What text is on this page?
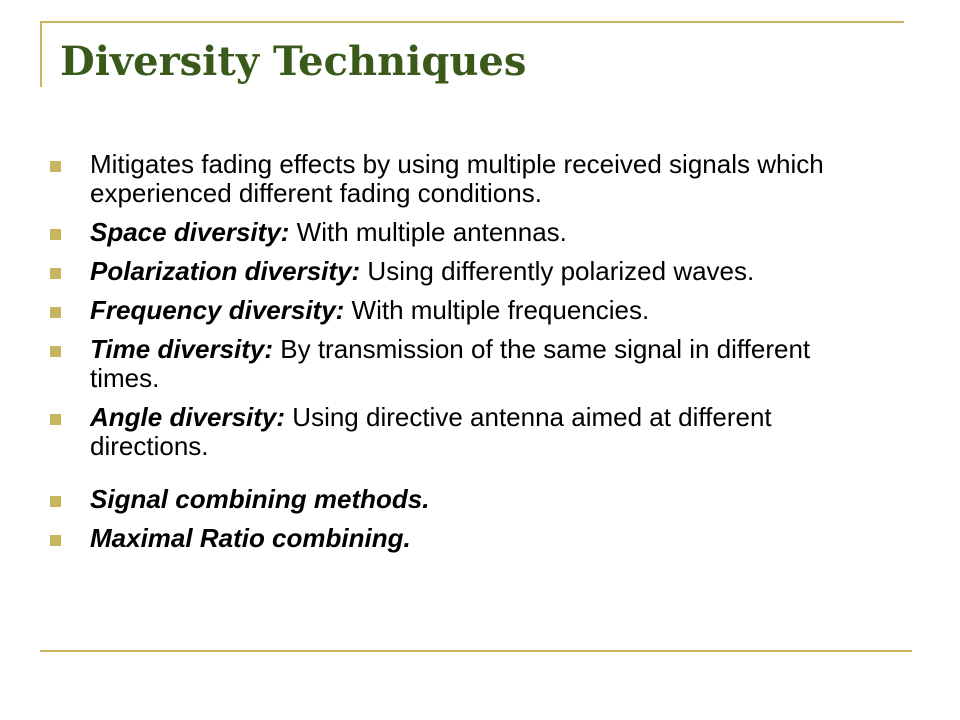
Diversity Techniques
Mitigates fading effects by using multiple received signals which experienced different fading conditions.
Space diversity: With multiple antennas.
Polarization diversity: Using differently polarized waves.
Frequency diversity: With multiple frequencies.
Time diversity: By transmission of the same signal in different times.
Angle diversity: Using directive antenna aimed at different directions.
Signal combining methods.
Maximal Ratio combining.
